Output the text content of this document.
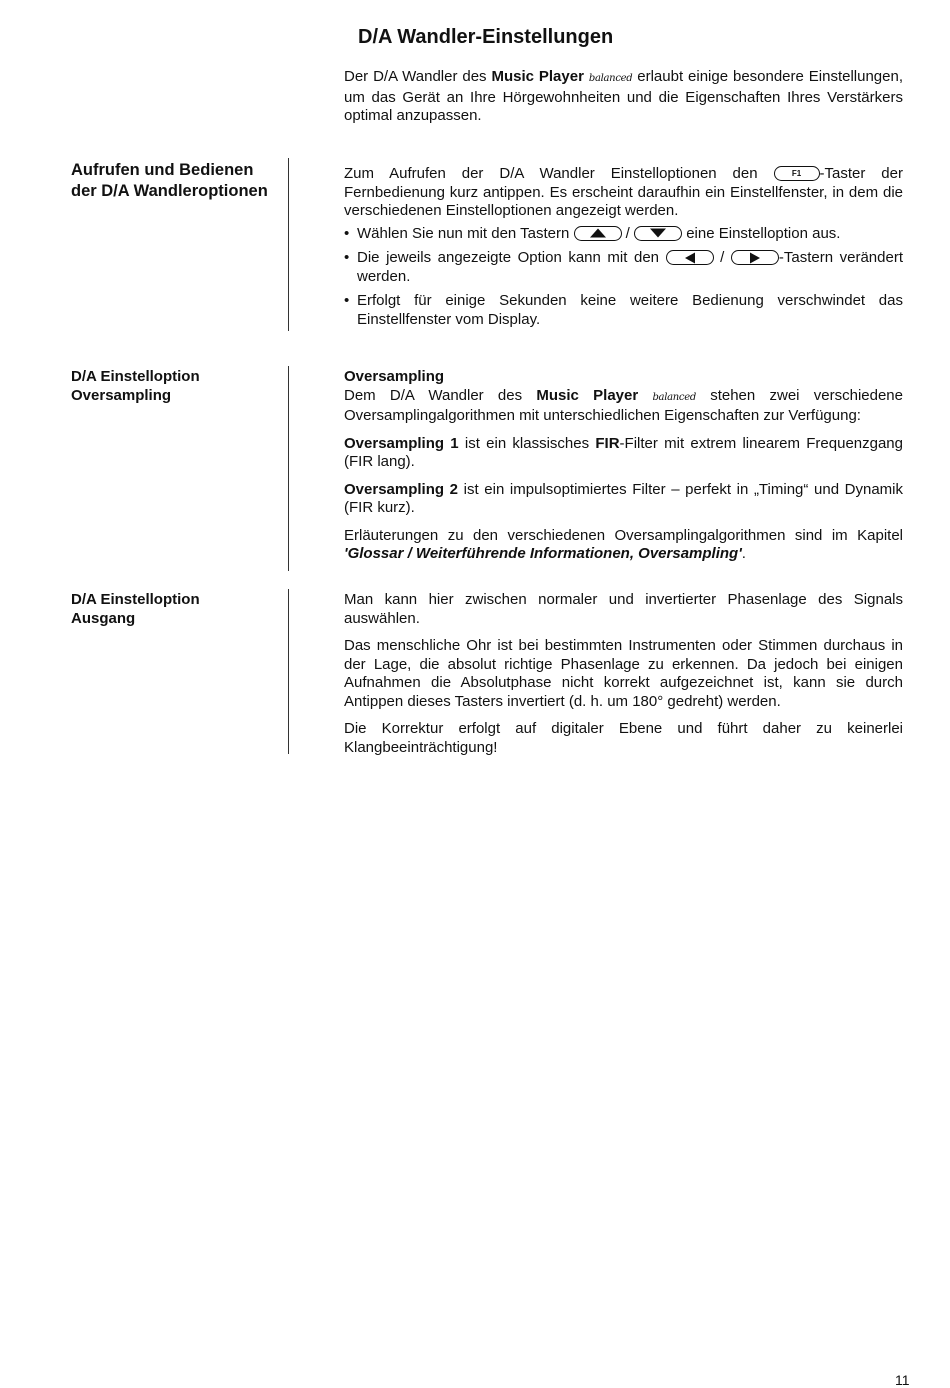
D/A Wandler-Einstellungen

Der D/A Wandler des Music Player balanced erlaubt einige besondere Einstellungen, um das Gerät an Ihre Hörgewohnheiten und die Eigenschaften Ihres Verstärkers optimal anzupassen.

Aufrufen und Bedienen
der D/A Wandleroptionen

Zum Aufrufen der D/A Wandler Einstelloptionen den	F1	-Taster der Fernbedienung kurz antippen. Es erscheint daraufhin ein Einstellfenster, in dem die verschiedenen Einstelloptionen angezeigt werden.

• Wählen Sie nun mit den Tastern	/	eine Einstelloption aus.
• Die jeweils angezeigte Option kann mit den	/	-Tastern verändert werden.
• Erfolgt für einige Sekunden keine weitere Bedienung verschwindet das Einstellfenster vom Display.
D/A Einstelloption
Oversampling

Oversampling

Dem D/A Wandler des Music Player balanced stehen zwei verschiedene Oversamplingalgorithmen mit unterschiedlichen Eigenschaften zur Verfügung:

Oversampling 1 ist ein klassisches FIR-Filter mit extrem linearem Frequenzgang (FIR lang).

Oversampling 2 ist ein impulsoptimiertes Filter – perfekt in „Timing“ und Dynamik (FIR kurz).

Erläuterungen zu den verschiedenen Oversamplingalgorithmen sind im Kapitel 'Glossar / Weiterführende Informationen, Oversampling'.

D/A Einstelloption
Ausgang

Man kann hier zwischen normaler und invertierter Phasenlage des Signals auswählen.

Das menschliche Ohr ist bei bestimmten Instrumenten oder Stimmen durchaus in der Lage, die absolut richtige Phasenlage zu erkennen. Da jedoch bei einigen Aufnahmen die Absolutphase nicht korrekt aufgezeichnet ist, kann sie durch Antippen dieses Tasters invertiert (d. h. um 180° gedreht) werden.

Die Korrektur erfolgt auf digitaler Ebene und führt daher zu keinerlei Klangbeeinträchtigung!

11
